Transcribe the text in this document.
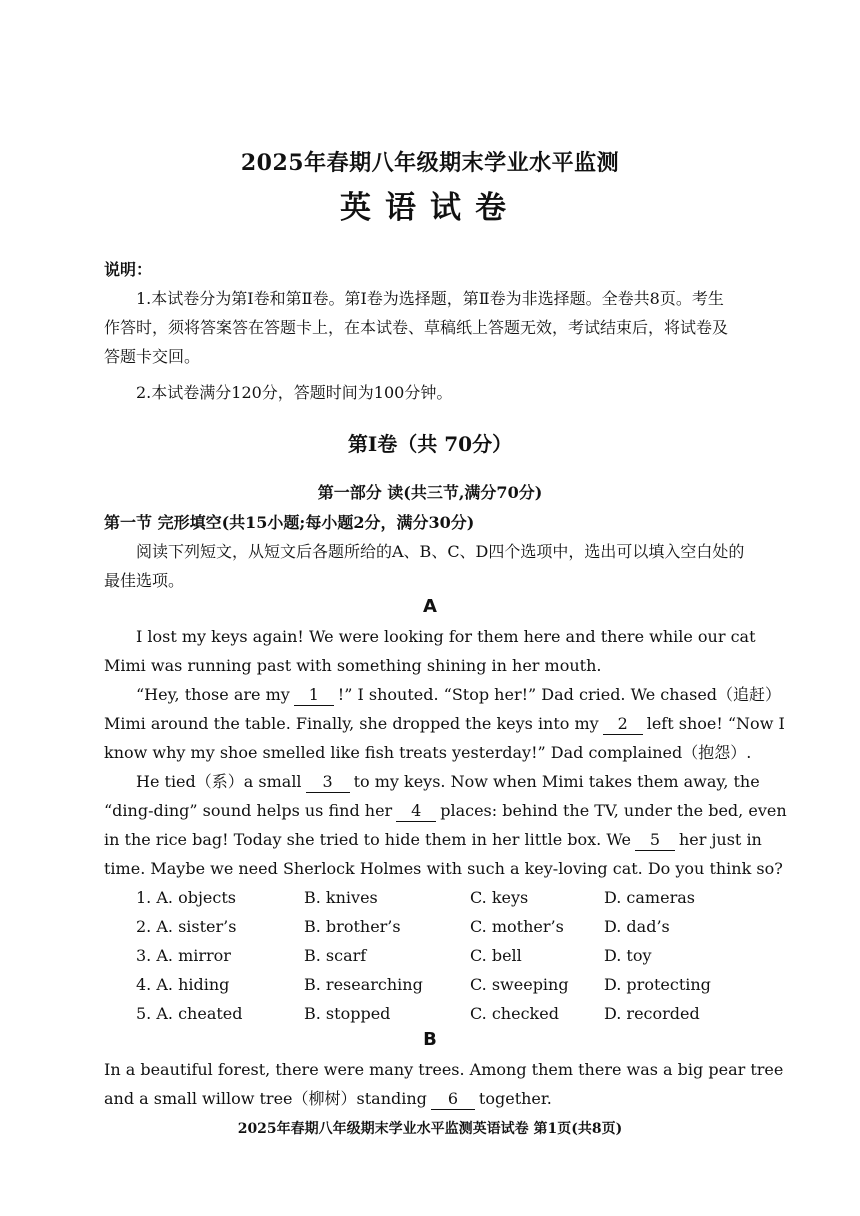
2025年春期八年级期末学业水平监测
英语试卷
说明：
1.本试卷分为第Ⅰ卷和第Ⅱ卷。第Ⅰ卷为选择题，第Ⅱ卷为非选择题。全卷共8页。考生
作答时，须将答案答在答题卡上，在本试卷、草稿纸上答题无效，考试结束后，将试卷及
答题卡交回。
2.本试卷满分120分，答题时间为100分钟。
第Ⅰ卷（共 70分）
第一部分 读(共三节,满分70分)
第一节 完形填空(共15小题;每小题2分，满分30分)
阅读下列短文，从短文后各题所给的A、B、C、D四个选项中，选出可以填入空白处的
最佳选项。
A
I lost my keys again! We were looking for them here and there while our cat
Mimi was running past with something shining in her mouth.
“Hey, those are my 1 !” I shouted. “Stop her!” Dad cried. We chased（追赶）
Mimi around the table. Finally, she dropped the keys into my 2 left shoe! “Now I
know why my shoe smelled like fish treats yesterday!” Dad complained（抱怨）.
He tied（系）a small 3 to my keys. Now when Mimi takes them away, the
“ding-ding” sound helps us find her 4 places: behind the TV, under the bed, even
in the rice bag! Today she tried to hide them in her little box. We 5 her just in
time. Maybe we need Sherlock Holmes with such a key-loving cat. Do you think so?
1. A. objects	B. knives	C. keys	D. cameras
2. A. sister’s	B. brother’s	C. mother’s	D. dad’s
3. A. mirror	B. scarf	C. bell	D. toy
4. A. hiding	B. researching	C. sweeping D. protecting
5. A. cheated	B. stopped	C. checked	D. recorded
B
In a beautiful forest, there were many trees. Among them there was a big pear tree
and a small willow tree（柳树）standing 6 together.
2025年春期八年级期末学业水平监测英语试卷 第1页(共8页)
